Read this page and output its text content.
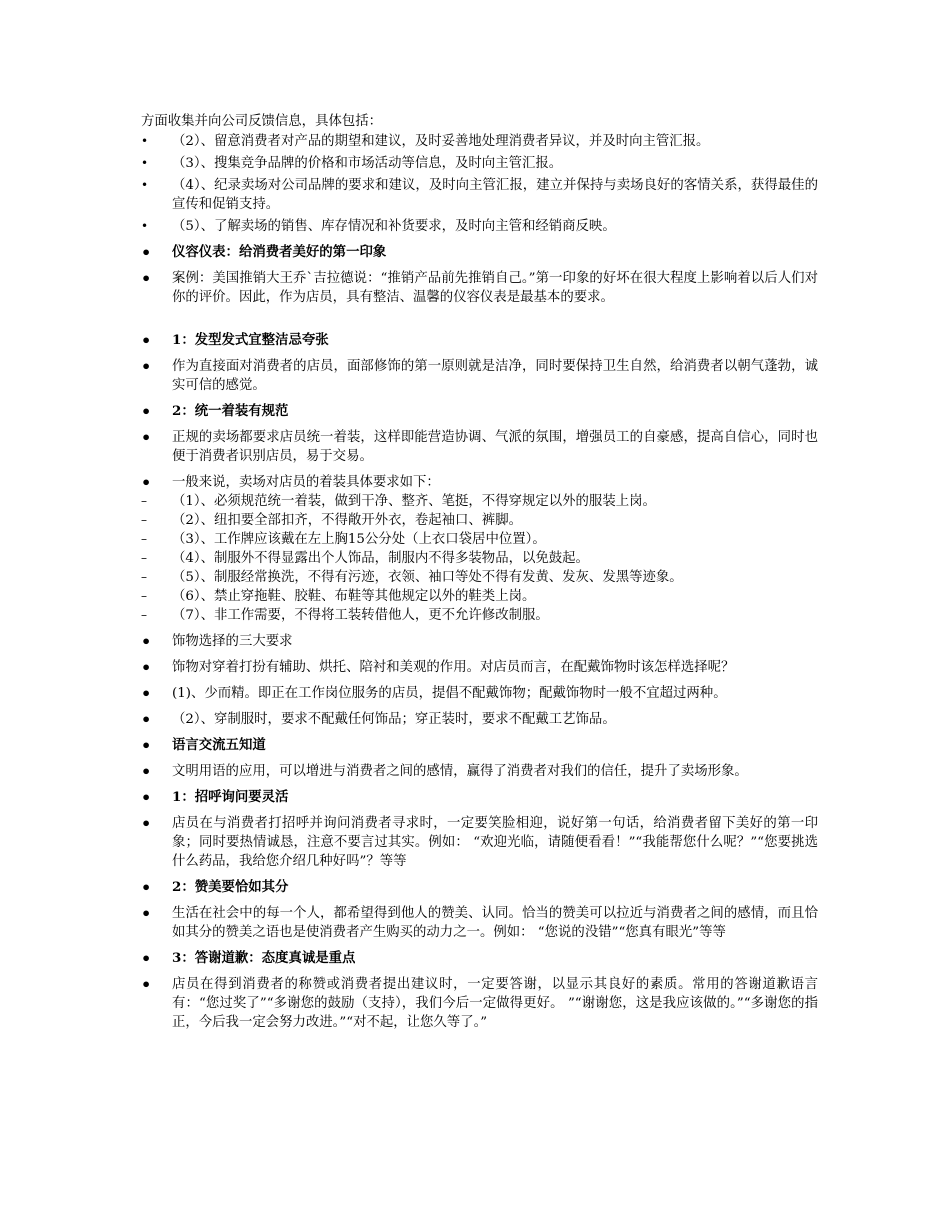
方面收集并向公司反馈信息，具体包括：
•	（2）、留意消费者对产品的期望和建议，及时妥善地处理消费者异议，并及时向主管汇报。
•	（3）、搜集竞争品牌的价格和市场活动等信息，及时向主管汇报。
•	（4）、纪录卖场对公司品牌的要求和建议，及时向主管汇报，建立并保持与卖场良好的客情关系，获得最佳的宣传和促销支持。
•	（5）、了解卖场的销售、库存情况和补货要求，及时向主管和经销商反映。
• 仪容仪表：给消费者美好的第一印象
• 案例：美国推销大王乔`吉拉德说：“推销产品前先推销自己。”第一印象的好坏在很大程度上影响着以后人们对你的评价。因此，作为店员，具有整洁、温馨的仪容仪表是最基本的要求。
• 1：发型发式宜整洁忌夸张
• 作为直接面对消费者的店员，面部修饰的第一原则就是洁净，同时要保持卫生自然，给消费者以朝气蓬勃，诚实可信的感觉。
• 2：统一着装有规范
• 正规的卖场都要求店员统一着装，这样即能营造协调、气派的氛围，增强员工的自豪感，提高自信心，同时也便于消费者识别店员，易于交易。
• 一般来说，卖场对店员的着装具体要求如下：
–	（1）、必须规范统一着装，做到干净、整齐、笔挺，不得穿规定以外的服装上岗。
–	（2）、纽扣要全部扣齐，不得敞开外衣，卷起袖口、裤脚。
–	（3）、工作牌应该戴在左上胸15公分处（上衣口袋居中位置）。
–	（4）、制服外不得显露出个人饰品，制服内不得多装物品，以免鼓起。
–	（5）、制服经常换洗，不得有污迹，衣领、袖口等处不得有发黄、发灰、发黑等迹象。
–	（6）、禁止穿拖鞋、胶鞋、布鞋等其他规定以外的鞋类上岗。
–	（7）、非工作需要，不得将工装转借他人，更不允许修改制服。
• 饰物选择的三大要求
• 饰物对穿着打扮有辅助、烘托、陪衬和美观的作用。对店员而言，在配戴饰物时该怎样选择呢？
• (1)、少而精。即正在工作岗位服务的店员，提倡不配戴饰物；配戴饰物时一般不宜超过两种。
• （2）、穿制服时，要求不配戴任何饰品；穿正装时，要求不配戴工艺饰品。
• 语言交流五知道
• 文明用语的应用，可以增进与消费者之间的感情，赢得了消费者对我们的信任，提升了卖场形象。
• 1：招呼询问要灵活
• 店员在与消费者打招呼并询问消费者寻求时，一定要笑脸相迎，说好第一句话，给消费者留下美好的第一印象；同时要热情诚恳，注意不要言过其实。例如： “欢迎光临，请随便看看！”“我能帮您什么呢？”“您要挑选什么药品，我给您介绍几种好吗”？等等
• 2：赞美要恰如其分
• 生活在社会中的每一个人，都希望得到他人的赞美、认同。恰当的赞美可以拉近与消费者之间的感情，而且恰如其分的赞美之语也是使消费者产生购买的动力之一。例如： “您说的没错”“您真有眼光”等等
• 3：答谢道歉：态度真诚是重点
• 店员在得到消费者的称赞或消费者提出建议时，一定要答谢，以显示其良好的素质。常用的答谢道歉语言有：“您过奖了”“多谢您的鼓励（支持），我们今后一定做得更好。 ”“谢谢您，这是我应该做的。”“多谢您的指正，今后我一定会努力改进。”“对不起，让您久等了。”
